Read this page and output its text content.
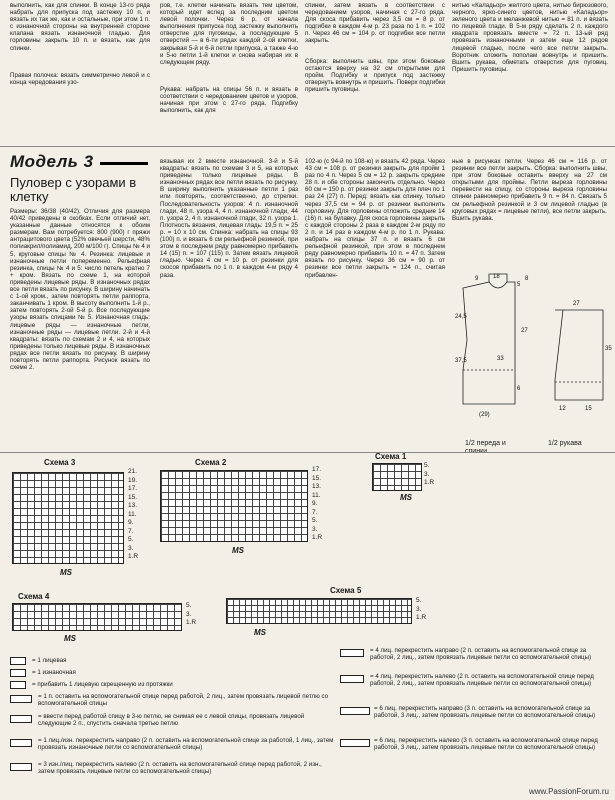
выполнить, как для спинки. В конце 13-го ряда набрать для припуска под застежку 10 п. и вязать их так же, как и остальные, при этом 1 п. с изнаночной стороны на внутренней стороне клапана вязать изнаночной гладью. Для горловины закрыть 10 п. и вязать, как для спинки.
Правая полочка: вязать симметрично левой и с конца чередования узо-
ров, т.е. клетки начинать вязать тем цветом, который идет вслед за последним цветом левой полочки. Через 6 р. от начала выполнения припуска под застежку выполнить отверстие для пуговицы, а последующие 5 отверстий — в 6-ти рядах каждой 2-ой клетки, закрывая 5-й и 6-й петли припуска, а также 4-ю и 5-ю петли 1-й клетки и снова набирая их в следующем ряду.
Рукава: набрать на спицы 56 п. и вязать в соответствии с чередованием цветов и узоров, начиная при этом с 27-го ряда. Подгибку выполнить, как для
спинки, затем вязать в соответствии с чередованием узоров, начиная с 27-го ряда. Для скоса прибавить через 3,5 см = 8 р. от подгибки в каждом 4-м р. 23 раза по 1 п. = 102 п. Через 46 см = 104 р. от подгибки все петли закрыть.
Сборка: выполнить швы, при этом боковые остаются вверху на 32 см открытыми для пройм. Подгибку и припуск под застежку отвернуть вовнутрь и пришить. Поверх подгибки пришить пуговицы.
нитью «Каладьор» желтого цвета, нитью бирюзового, черного, ярко-синего цветов, нитью «Каладьор» зеленого цвета и меланжевой нитью = 81 п. и вязать по лицевой глади. В 5-м ряду сделать 2 п. каждого квадрата провязать вместе = 72 п. 13-ый ряд провязать изнаночными и затем еще 12 рядов лицевой гладью, после чего все петли закрыть. Воротник сложить пополам вовнутрь и пришить. Вшить рукава, обметать отверстия для пуговиц. Пришить пуговицы.
Модель 3
Пуловер с узорами в клетку
Размеры: 36/38 (40/42). Отличия для размера 40/42 приведены в скобках. Если отличий нет, указанные данные относятся к обоим размерам. Вам потребуется: 800 (900) г пряжи антрацитового цвета (52% овечьей шерсти, 48% полиакрил/полиамид, 200 м/100 г). Спицы № 4 и 5, круговые спицы № 4. Резинка: лицевые и изнаночные петли попеременно. Рельефная резинка, спицы № 4 и 5: число петель кратно 7 + кром. Вязать по схеме 1, на которой приведены лицевые ряды. В изнаночных рядах все петли вязать по рисунку. В ширину начинать с 1-ой кром., затем повторять петли раппорта, заканчивать 1 кром. В высоту выполнить 1-й р., затем повторять 2-ой 5-й р. Все последующие узоры вязать спицами № 5. Изнаночная гладь: лицевые ряды — изнаночные петли, изнаночные ряды — лицевые петли. 2-й и 4-й квадраты: вязать по схемам 2 и 4, на которых приведены только лицевые ряды. В изнаночных рядах все петли вязать по рисунку. В ширину повторять петли раппорта. Рисунок вязать по схеме 2.
вязывая их 2 вместе изнаночной. 3-й и 5-й квадраты: вязать по схемам 3 и 5, на которых приведены только лицевые ряды. В изнаночных рядах все петли вязать по рисунку. В ширину выполнить указанные петли 1 раз или повторять, соответственно, до стрелки. Последовательность узоров: 4 п. изнаночной глади, 48 п. узора 4, 4 п. изнаночной глади, 44 п. узора 2, 4 п. изнаночной глади, 32 п. узора 1. Плотность вязания, лицевая гладь: 19,5 п. = 25 р. = 10 х 10 см. Спинка: набрать на спицы 93 (100) п. и вязать 6 см рельефной резинкой, при этом в последнем ряду равномерно прибавить 14 (15) п. = 107 (115) п. Затем вязать лицевой гладью. Через 4 см = 10 р. от резинки для скосов прибавить по 1 п. в каждом 4-м ряду 4 раза.
102-ю (с 94-й по 108-ю) и вязать 42 ряда. Через 43 см = 108 р. от резинки закрыть для пройм 1 раз по 4 п. Через 5 см = 12 р. закрыть средние 28 п. и обе стороны закончить отдельно. Через 60 см = 150 р. от резинки закрыть для плеч по 1 раз 24 (27) п. Перед: вязать как спинку, только через 37,5 см = 94 р. от резинки выполнить горловину. Для горловины отложить средние 14 (16) п. на булавку. Для скоса горловины закрыть с каждой стороны 2 раза в каждом 2-м ряду по 2 п. и 14 раз в каждом 4-м р. по 1 п. Рукава: набрать на спицы 37 п. и вязать 6 см рельефной резинкой, при этом в последнем ряду равномерно прибавить 10 п. = 47 п. Затем вязать по рисунку. Через 36 см = 90 р. от резинки все петли закрыть = 124 п., считая прибавлен-
ные в рисунках петли. Через 46 см = 116 р. от резинки все петли закрыть. Сборка: выполнить швы, при этом боковые оставить вверху на 27 см открытыми для проймы. Петли выреза горловины перевести на спицу, со стороны выреза горловины спинки равномерно прибавить 9 п. = 84 п. Связать 5 см рельефной резинкой и 3 см лицевой гладью (в круговых рядах = лицевые петли), все петли закрыть. Вшить рукава.
18
9
24,5
37,5	33
27
27
12	15
6
5
(29)
35
8
1/2 переда и	1/2 рукава
Схема 3
21.
19.
17.
15.
13.
11.
9.
7.
5.
3.
1.R
MS
Схема 2
17.
15.
13.
11.
9.
7.
5.
3.
1.R
MS
Схема 1
5.
3.
1.R
MS
Схема 4
5.
3.
1.R
MS
Схема 5
5.
3.
1.R
MS
= 1 лицевая
= 1 изнаночная
= прибавить 1 лицевую скрещенную из протяжки
= 1 п. оставить на вспомогательной спице перед работой, 2 лиц., затем провязать лицевой петлю со вспомогательной спицы
= ввести перед работой спицу в 3-ю петлю, не снимая ее с левой спицы, провязать лицевой следующие 2 п., спустить сначала третью петлю
= 1 лиц./изн. перекрестить направо (2 п. оставить на вспомогательной спице за работой, 1 лиц., затем провязать изнаночные петли со вспомогательной спицы)
= 3 изн./лиц. перекрестить налево (2 п. оставить на вспомогательной спице перед работой, 2 изн., затем провязать лицевые петли со вспомогательной спицы)
= 4 лиц. перекрестить направо (2 п. оставить на вспомогательной спице за работой, 2 лиц., затем провязать лицевые петли со вспомогательной спицы)
= 4 лиц. перекрестить налево (2 п. оставить на вспомогательной спице перед работой, 2 лиц., затем провязать лицевые петли со вспомогательной спицы)
= 6 лиц. перекрестить направо (3 п. оставить на вспомогательной спице за работой, 3 лиц., затем провязать лицевые петли со вспомогательной спицы)
= 6 лиц. перекрестить налево (3 п. оставить на вспомогательной спице перед работой, 3 лиц., затем провязать лицевые петли со вспомогательной спицы)
www.PassionForum.ru
